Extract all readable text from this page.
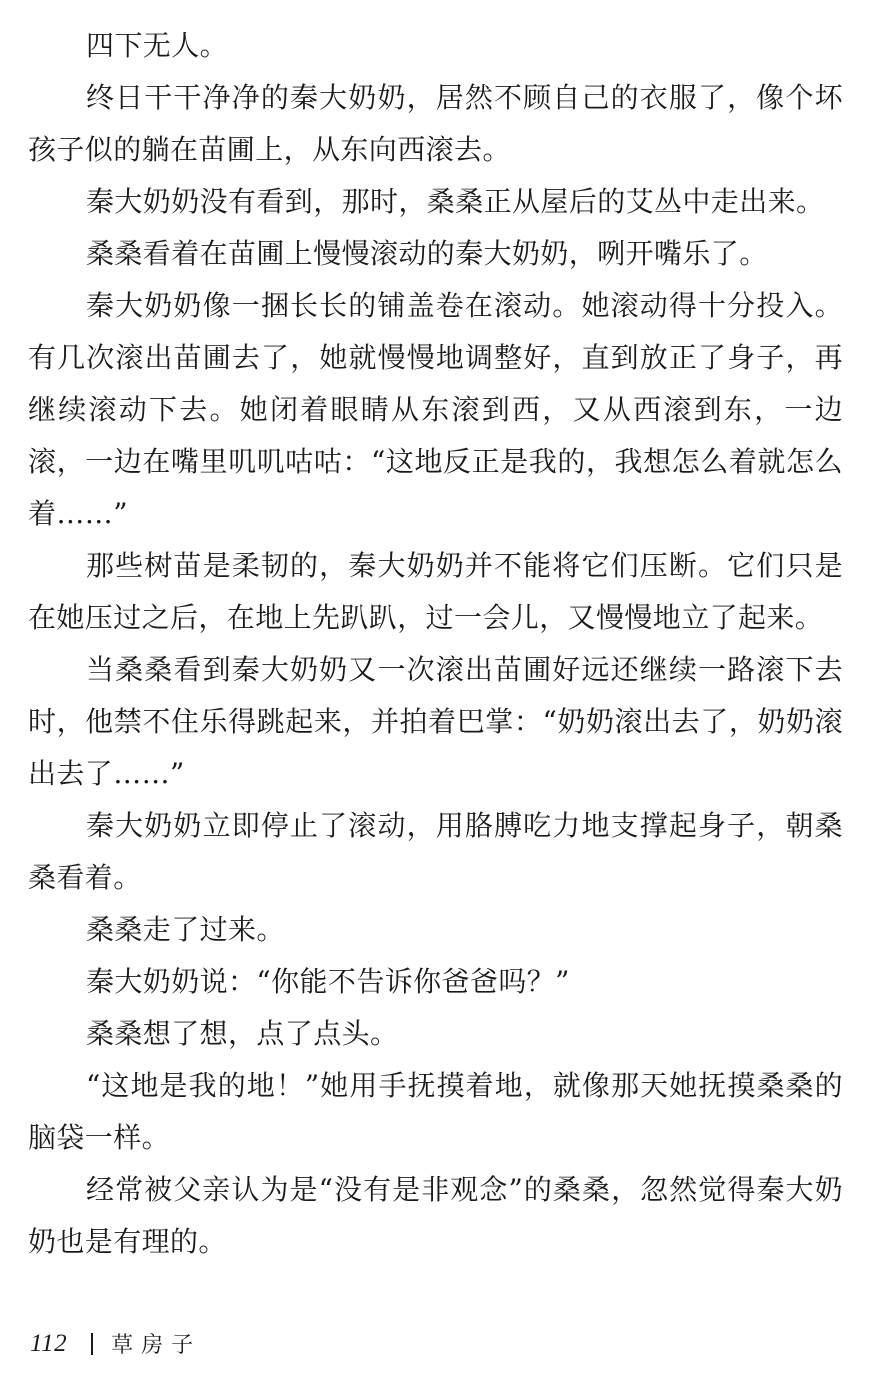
四下无人。

终日干干净净的秦大奶奶，居然不顾自己的衣服了，像个坏孩子似的躺在苗圃上，从东向西滚去。

秦大奶奶没有看到，那时，桑桑正从屋后的艾丛中走出来。

桑桑看着在苗圃上慢慢滚动的秦大奶奶，咧开嘴乐了。

秦大奶奶像一捆长长的铺盖卷在滚动。她滚动得十分投入。有几次滚出苗圃去了，她就慢慢地调整好，直到放正了身子，再继续滚动下去。她闭着眼睛从东滚到西，又从西滚到东，一边滚，一边在嘴里叽叽咕咕：“这地反正是我的，我想怎么着就怎么着……”

那些树苗是柔韧的，秦大奶奶并不能将它们压断。它们只是在她压过之后，在地上先趴趴，过一会儿，又慢慢地立了起来。

当桑桑看到秦大奶奶又一次滚出苗圃好远还继续一路滚下去时，他禁不住乐得跳起来，并拍着巴掌：“奶奶滚出去了，奶奶滚出去了……”

秦大奶奶立即停止了滚动，用胳膊吃力地支撑起身子，朝桑桑看着。

桑桑走了过来。

秦大奶奶说：“你能不告诉你爸爸吗？”

桑桑想了想，点了点头。

“这地是我的地！”她用手抚摸着地，就像那天她抚摸桑桑的脑袋一样。

经常被父亲认为是“没有是非观念”的桑桑，忽然觉得秦大奶奶也是有理的。

112 草房子
